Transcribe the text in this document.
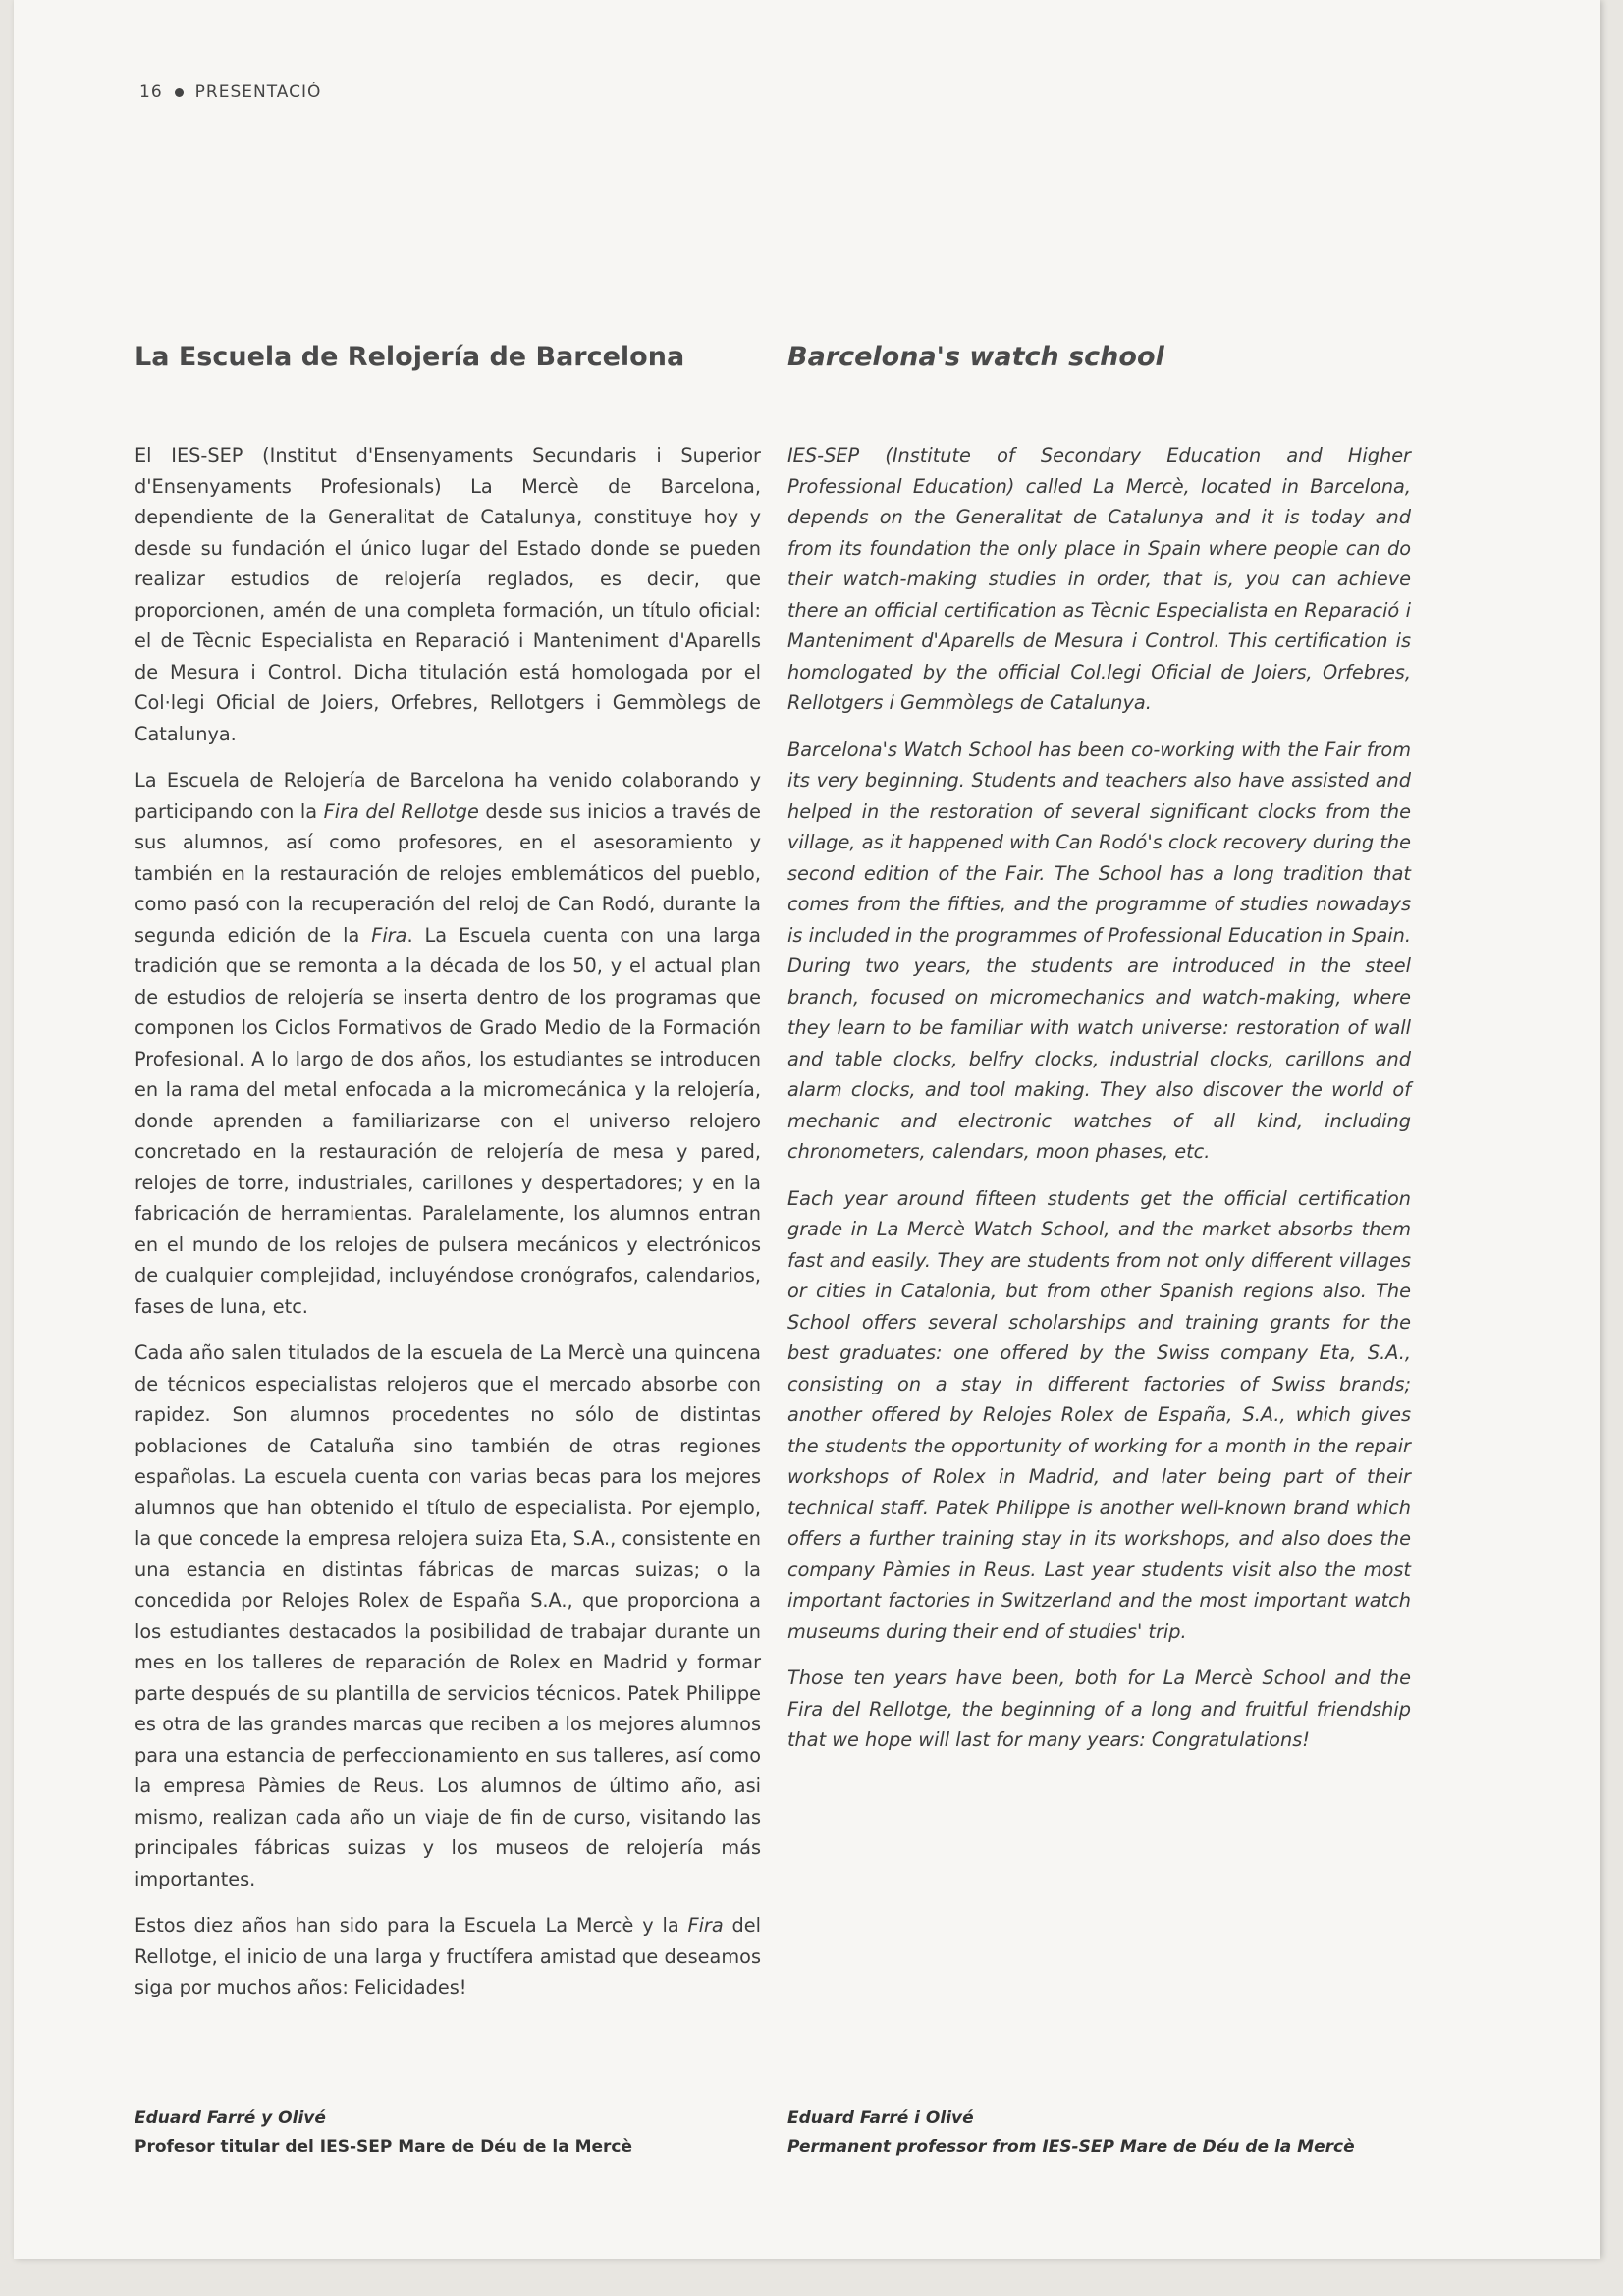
16 PRESENTACIÓ
La Escuela de Relojería de Barcelona	Barcelona's watch school

El IES-SEP (Institut d'Ensenyaments Secundaris i Superior d'Ensenyaments Profesionals) La Mercè de Barcelona, dependiente de la Generalitat de Catalunya, constituye hoy y desde su fundación el único lugar del Estado donde se pueden realizar estudios de relojería reglados, es decir, que proporcionen, amén de una completa formación, un título oficial: el de Tècnic Especialista en Reparació i Manteniment d'Aparells de Mesura i Control. Dicha titulación está homologada por el Col·legi Oficial de Joiers, Orfebres, Rellotgers i Gemmòlegs de Catalunya.

La Escuela de Relojería de Barcelona ha venido colaborando y participando con la Fira del Rellotge desde sus inicios a través de sus alumnos, así como profesores, en el asesoramiento y también en la restauración de relojes emblemáticos del pueblo, como pasó con la recuperación del reloj de Can Rodó, durante la segunda edición de la Fira. La Escuela cuenta con una larga tradición que se remonta a la década de los 50, y el actual plan de estudios de relojería se inserta dentro de los programas que componen los Ciclos Formativos de Grado Medio de la Formación Profesional. A lo largo de dos años, los estudiantes se introducen en la rama del metal enfocada a la micromecánica y la relojería, donde aprenden a familiarizarse con el universo relojero concretado en la restauración de relojería de mesa y pared, relojes de torre, industriales, carillones y despertadores; y en la fabricación de herramientas. Paralelamente, los alumnos entran en el mundo de los relojes de pulsera mecánicos y electrónicos de cualquier complejidad, incluyéndose cronógrafos, calendarios, fases de luna, etc.

Cada año salen titulados de la escuela de La Mercè una quincena de técnicos especialistas relojeros que el mercado absorbe con rapidez. Son alumnos procedentes no sólo de distintas poblaciones de Cataluña sino también de otras regiones españolas. La escuela cuenta con varias becas para los mejores alumnos que han obtenido el título de especialista. Por ejemplo, la que concede la empresa relojera suiza Eta, S.A., consistente en una estancia en distintas fábricas de marcas suizas; o la concedida por Relojes Rolex de España S.A., que proporciona a los estudiantes destacados la posibilidad de trabajar durante un mes en los talleres de reparación de Rolex en Madrid y formar parte después de su plantilla de servicios técnicos. Patek Philippe es otra de las grandes marcas que reciben a los mejores alumnos para una estancia de perfeccionamiento en sus talleres, así como la empresa Pàmies de Reus. Los alumnos de último año, asi mismo, realizan cada año un viaje de fin de curso, visitando las principales fábricas suizas y los museos de relojería más importantes.

Estos diez años han sido para la Escuela La Mercè y la Fira del Rellotge, el inicio de una larga y fructífera amistad que deseamos siga por muchos años: Felicidades!

IES-SEP (Institute of Secondary Education and Higher Professional Education) called La Mercè, located in Barcelona, depends on the Generalitat de Catalunya and it is today and from its foundation the only place in Spain where people can do their watch-making studies in order, that is, you can achieve there an official certification as Tècnic Especialista en Reparació i Manteniment d'Aparells de Mesura i Control. This certification is homologated by the official Col.legi Oficial de Joiers, Orfebres, Rellotgers i Gemmòlegs de Catalunya.

Barcelona's Watch School has been co-working with the Fair from its very beginning. Students and teachers also have assisted and helped in the restoration of several significant clocks from the village, as it happened with Can Rodó's clock recovery during the second edition of the Fair. The School has a long tradition that comes from the fifties, and the programme of studies nowadays is included in the programmes of Professional Education in Spain. During two years, the students are introduced in the steel branch, focused on micromechanics and watch-making, where they learn to be familiar with watch universe: restoration of wall and table clocks, belfry clocks, industrial clocks, carillons and alarm clocks, and tool making. They also discover the world of mechanic and electronic watches of all kind, including chronometers, calendars, moon phases, etc.

Each year around fifteen students get the official certification grade in La Mercè Watch School, and the market absorbs them fast and easily. They are students from not only different villages or cities in Catalonia, but from other Spanish regions also. The School offers several scholarships and training grants for the best graduates: one offered by the Swiss company Eta, S.A., consisting on a stay in different factories of Swiss brands; another offered by Relojes Rolex de España, S.A., which gives the students the opportunity of working for a month in the repair workshops of Rolex in Madrid, and later being part of their technical staff. Patek Philippe is another well-known brand which offers a further training stay in its workshops, and also does the company Pàmies in Reus. Last year students visit also the most important factories in Switzerland and the most important watch museums during their end of studies' trip.

Those ten years have been, both for La Mercè School and the Fira del Rellotge, the beginning of a long and fruitful friendship that we hope will last for many years: Congratulations!

Eduard Farré y Olivé
Profesor titular del IES-SEP Mare de Déu de la Mercè
Eduard Farré i Olivé
Permanent professor from IES-SEP Mare de Déu de la Mercè
